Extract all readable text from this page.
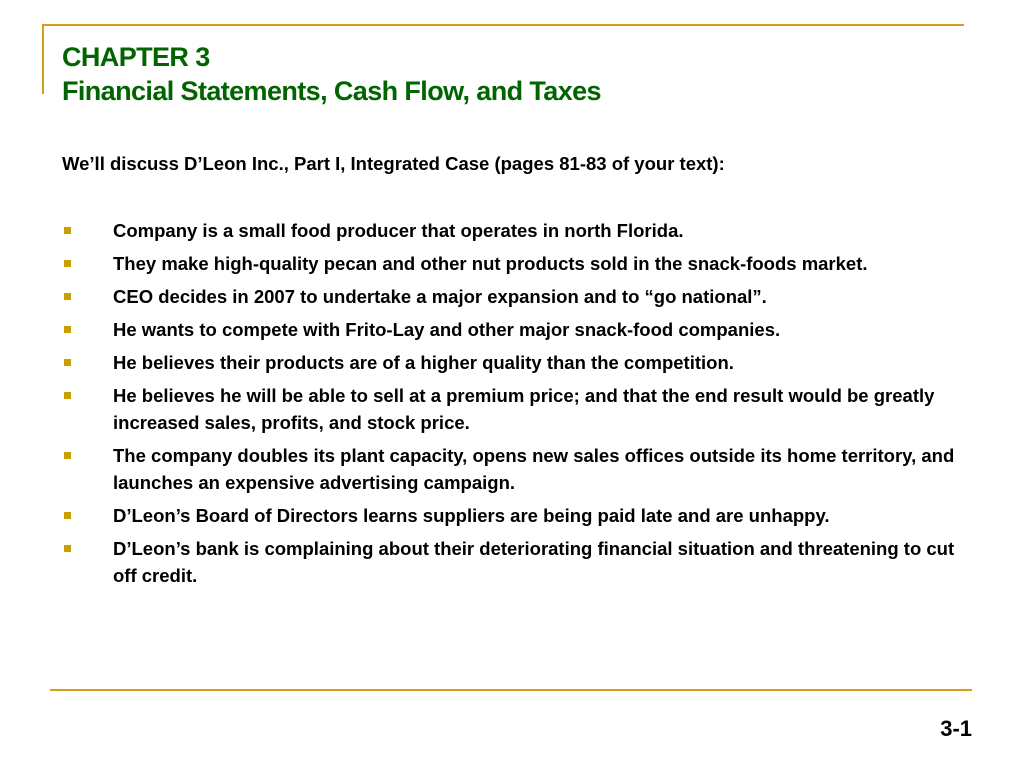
CHAPTER 3
Financial Statements, Cash Flow, and Taxes
We’ll discuss D’Leon Inc., Part I, Integrated Case (pages 81-83 of your text):
Company is a small food producer that operates in north Florida.
They make high-quality pecan and other nut products sold in the snack-foods market.
CEO decides in 2007 to undertake a major expansion and to “go national”.
He wants to compete with Frito-Lay and other major snack-food companies.
He believes their products are of a higher quality than the competition.
He believes he will be able to sell at a premium price; and that the end result would be greatly increased sales, profits, and stock price.
The company doubles its plant capacity, opens new sales offices outside its home territory, and launches an expensive advertising campaign.
D’Leon’s Board of Directors learns suppliers are being paid late and are unhappy.
D’Leon’s bank is complaining about their deteriorating financial situation and threatening to cut off credit.
3-1
